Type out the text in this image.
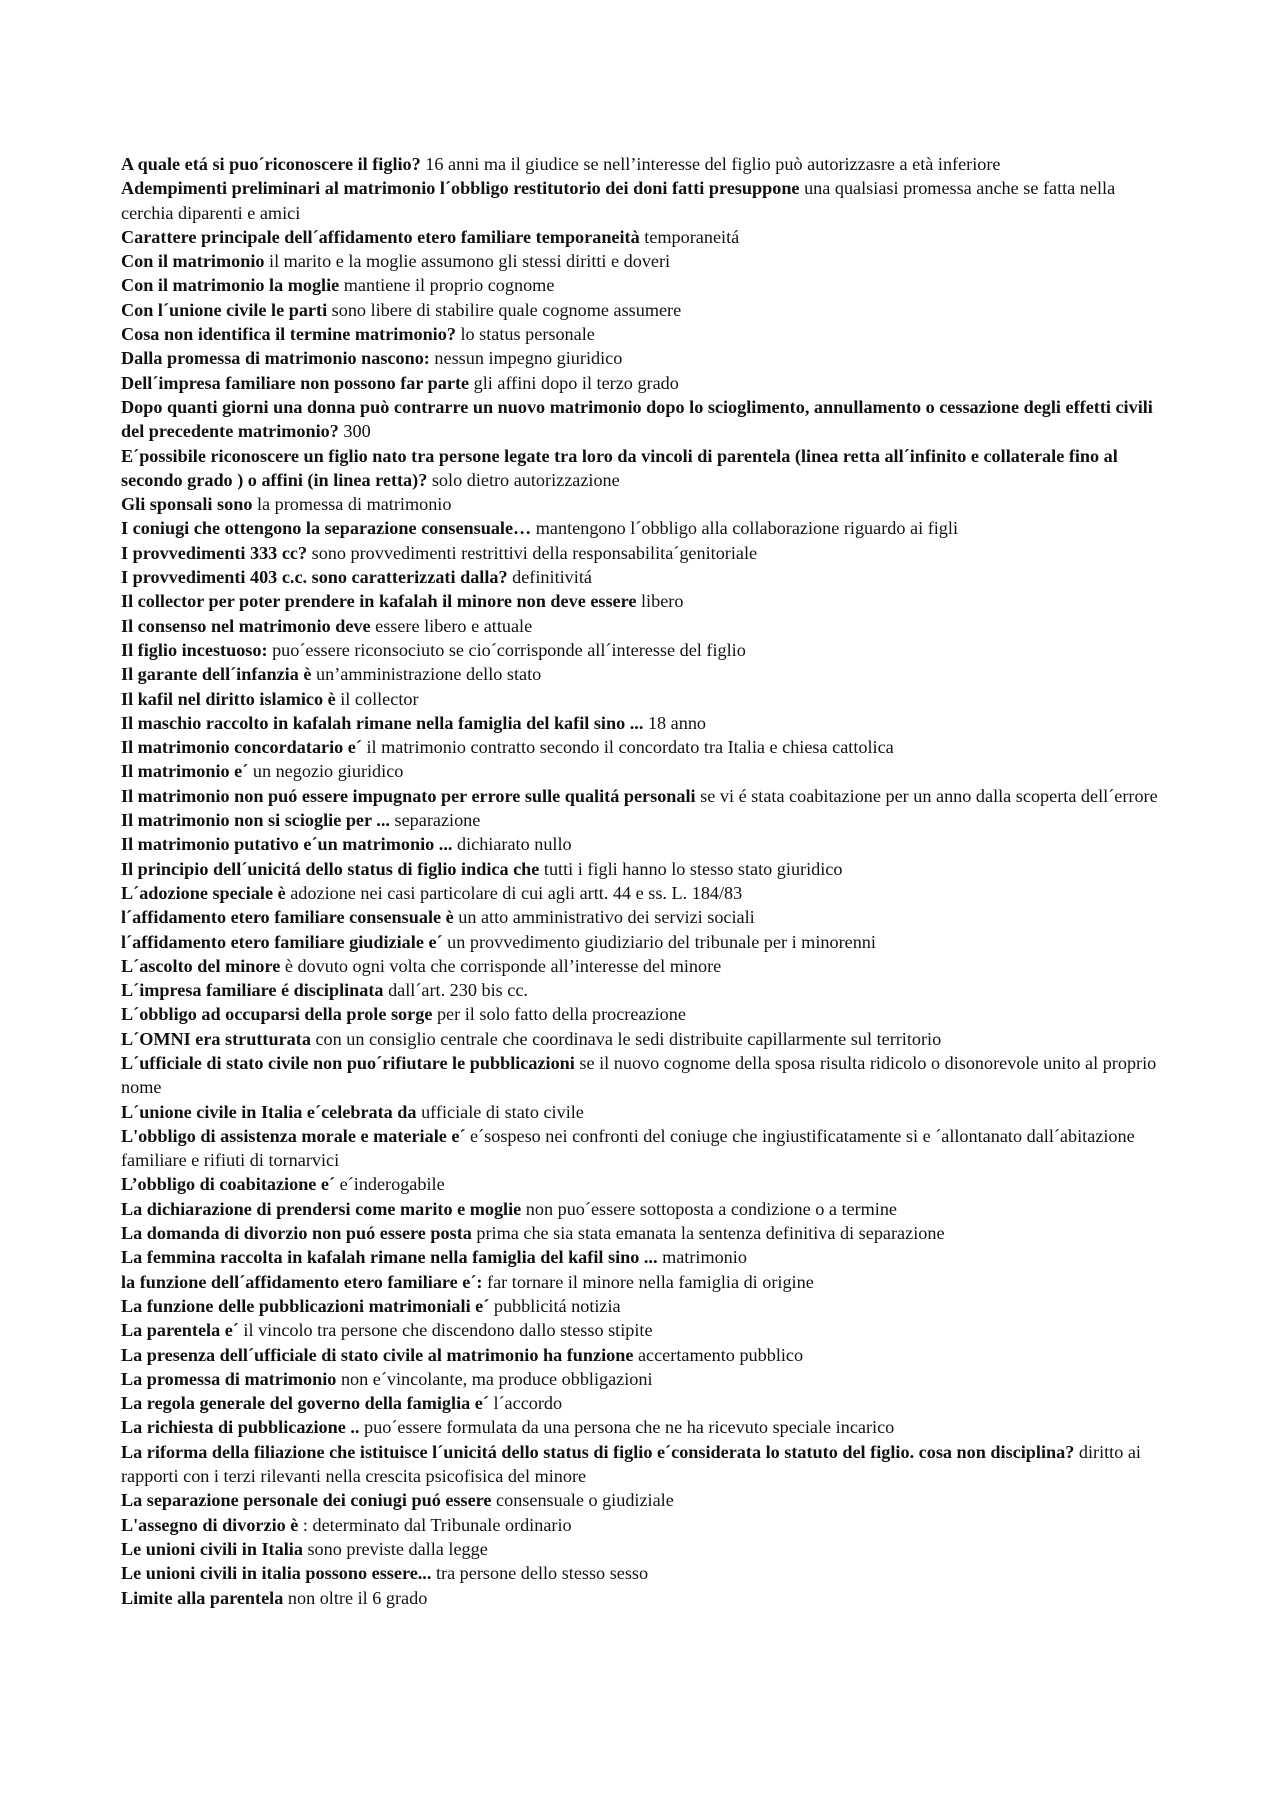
A quale etá si puo´riconoscere il figlio? 16 anni ma il giudice se nell’interesse del figlio può autorizzasre a età inferiore

Adempimenti preliminari al matrimonio l´obbligo restitutorio dei doni fatti presuppone una qualsiasi promessa anche se fatta nella cerchia diparenti e amici

Carattere principale dell´affidamento etero familiare temporaneità temporaneitá

Con il matrimonio il marito e la moglie assumono gli stessi diritti e doveri

Con il matrimonio la moglie mantiene il proprio cognome

Con l´unione civile le parti sono libere di stabilire quale cognome assumere

Cosa non identifica il termine matrimonio? lo status personale

Dalla promessa di matrimonio nascono: nessun impegno giuridico

Dell´impresa familiare non possono far parte gli affini dopo il terzo grado

Dopo quanti giorni una donna può contrarre un nuovo matrimonio dopo lo scioglimento, annullamento o cessazione degli effetti civili del precedente matrimonio? 300

E´possibile riconoscere un figlio nato tra persone legate tra loro da vincoli di parentela (linea retta all´infinito e collaterale fino al secondo grado ) o affini (in linea retta)? solo dietro autorizzazione

Gli sponsali sono la promessa di matrimonio

I coniugi che ottengono la separazione consensuale… mantengono l´obbligo alla collaborazione riguardo ai figli

I provvedimenti 333 cc? sono provvedimenti restrittivi della responsabilita´genitoriale

I provvedimenti 403 c.c. sono caratterizzati dalla? definitivitá

Il collector per poter prendere in kafalah il minore non deve essere libero

Il consenso nel matrimonio deve essere libero e attuale

Il figlio incestuoso: puo´essere riconsociuto se cio´corrisponde all´interesse del figlio

Il garante dell´infanzia è un’amministrazione dello stato

Il kafil nel diritto islamico è il collector

Il maschio raccolto in kafalah rimane nella famiglia del kafil sino ... 18 anno

Il matrimonio concordatario e´ il matrimonio contratto secondo il concordato tra Italia e chiesa cattolica

Il matrimonio e´ un negozio giuridico

Il matrimonio non puó essere impugnato per errore sulle qualitá personali se vi é stata coabitazione per un anno dalla scoperta dell´errore

Il matrimonio non si scioglie per ... separazione

Il matrimonio putativo e´un matrimonio ... dichiarato nullo

Il principio dell´unicitá dello status di figlio indica che tutti i figli hanno lo stesso stato giuridico

L´adozione speciale è adozione nei casi particolare di cui agli artt. 44 e ss. L. 184/83

l´affidamento etero familiare consensuale è un atto amministrativo dei servizi sociali

l´affidamento etero familiare giudiziale e´ un provvedimento giudiziario del tribunale per i minorenni

L´ascolto del minore è dovuto ogni volta che corrisponde all’interesse del minore

L´impresa familiare é disciplinata dall´art. 230 bis cc.

L´obbligo ad occuparsi della prole sorge per il solo fatto della procreazione

L´OMNI era strutturata con un consiglio centrale che coordinava le sedi distribuite capillarmente sul territorio

L´ufficiale di stato civile non puo´rifiutare le pubblicazioni se il nuovo cognome della sposa risulta ridicolo o disonorevole unito al proprio nome

L´unione civile in Italia e´celebrata da ufficiale di stato civile

L'obbligo di assistenza morale e materiale e´ e´sospeso nei confronti del coniuge che ingiustificatamente si e ´allontanato dall´abitazione familiare e rifiuti di tornarvici

L’obbligo di coabitazione e´ e´inderogabile

La dichiarazione di prendersi come marito e moglie non puo´essere sottoposta a condizione o a termine

La domanda di divorzio non puó essere posta prima che sia stata emanata la sentenza definitiva di separazione

La femmina raccolta in kafalah rimane nella famiglia del kafil sino ... matrimonio

la funzione dell´affidamento etero familiare e´: far tornare il minore nella famiglia di origine

La funzione delle pubblicazioni matrimoniali e´ pubblicitá notizia

La parentela e´ il vincolo tra persone che discendono dallo stesso stipite

La presenza dell´ufficiale di stato civile al matrimonio ha funzione accertamento pubblico

La promessa di matrimonio non e´vincolante, ma produce obbligazioni

La regola generale del governo della famiglia e´ l´accordo

La richiesta di pubblicazione .. puo´essere formulata da una persona che ne ha ricevuto speciale incarico

La riforma della filiazione che istituisce l´unicitá dello status di figlio e´considerata lo statuto del figlio. cosa non disciplina? diritto ai rapporti con i terzi rilevanti nella crescita psicofisica del minore

La separazione personale dei coniugi puó essere consensuale o giudiziale

L'assegno di divorzio è : determinato dal Tribunale ordinario

Le unioni civili in Italia sono previste dalla legge

Le unioni civili in italia possono essere... tra persone dello stesso sesso

Limite alla parentela non oltre il 6 grado
